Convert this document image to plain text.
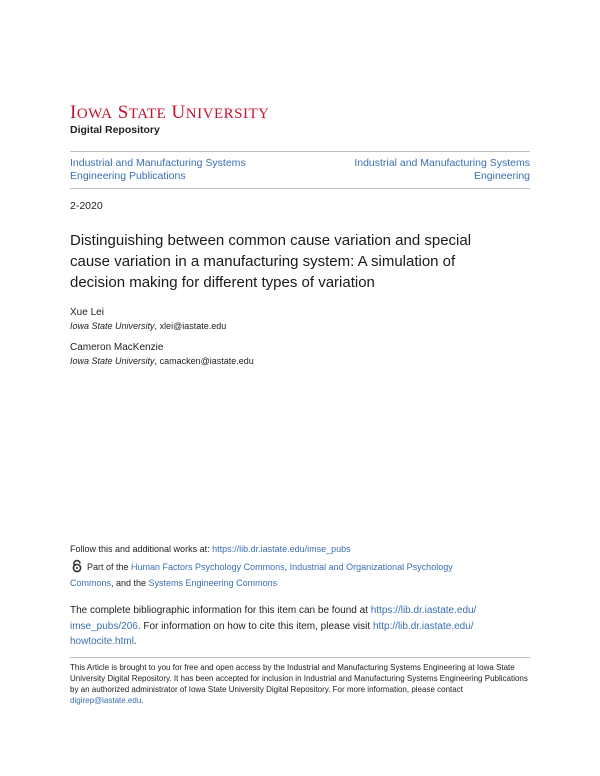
IOWA STATE UNIVERSITY
Digital Repository
Industrial and Manufacturing Systems Engineering Publications
Industrial and Manufacturing Systems Engineering
2-2020
Distinguishing between common cause variation and special cause variation in a manufacturing system: A simulation of decision making for different types of variation
Xue Lei
Iowa State University, xlei@iastate.edu
Cameron MacKenzie
Iowa State University, camacken@iastate.edu
Follow this and additional works at: https://lib.dr.iastate.edu/imse_pubs
Part of the Human Factors Psychology Commons, Industrial and Organizational Psychology
Commons, and the Systems Engineering Commons
The complete bibliographic information for this item can be found at https://lib.dr.iastate.edu/
imse_pubs/206. For information on how to cite this item, please visit http://lib.dr.iastate.edu/
howtocite.html.
This Article is brought to you for free and open access by the Industrial and Manufacturing Systems Engineering at Iowa State University Digital Repository. It has been accepted for inclusion in Industrial and Manufacturing Systems Engineering Publications by an authorized administrator of Iowa State University Digital Repository. For more information, please contact digirep@iastate.edu.
